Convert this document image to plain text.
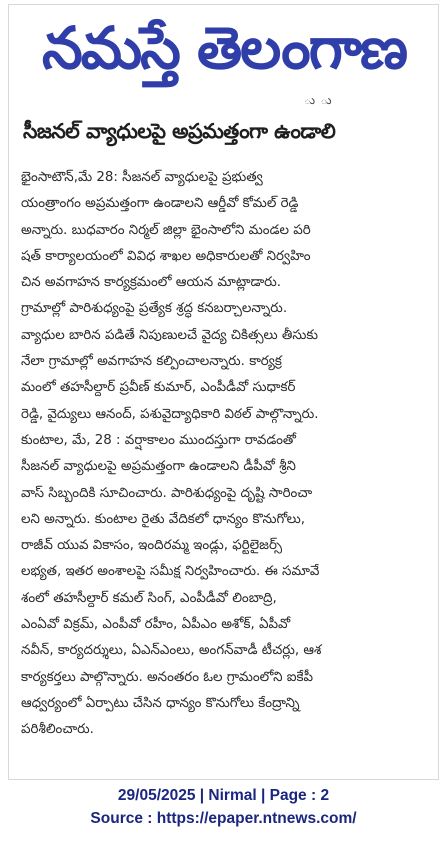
నమస్తే తెలంగాణ
ు ు
సీజనల్ వ్యాధులపై అప్రమత్తంగా ఉండాలి
భైంసాటౌన్,మే 28: సీజనల్ వ్యాధులపై ప్రభుత్వ
యంత్రాంగం అప్రమత్తంగా ఉండాలని ఆర్డీవో కోమల్ రెడ్డి
అన్నారు. బుధవారం నిర్మల్ జిల్లా భైంసాలోని మండల పరి
షత్ కార్యాలయంలో వివిధ శాఖల అధికారులతో నిర్వహిం
చిన అవగాహన కార్యక్రమంలో ఆయన మాట్లాడారు.
గ్రామాల్లో పారిశుధ్యంపై ప్రత్యేక శ్రద్ధ కనబర్చాలన్నారు.
వ్యాధుల బారిన పడితే నిపుణులచే వైద్య చికిత్సలు తీసుకు
నేలా గ్రామాల్లో అవగాహన కల్పించాలన్నారు. కార్యక్ర
మంలో తహసీల్దార్ ప్రవీణ్ కుమార్, ఎంపీడీవో సుధాకర్
రెడ్డి, వైద్యులు ఆనంద్, పశువైద్యాధికారి విఠల్ పాల్గొన్నారు.
కుంటాల, మే, 28 : వర్షాకాలం ముందస్తుగా రావడంతో
సీజనల్ వ్యాధులపై అప్రమత్తంగా ఉండాలని డీపీవో శ్రీని
వాస్ సిబ్బందికి సూచించారు. పారిశుధ్యంపై దృష్టి సారించా
లని అన్నారు. కుంటాల రైతు వేదికలో ధాన్యం కొనుగోలు,
రాజీవ్ యువ వికాసం, ఇందిరమ్మ ఇండ్లు, ఫర్టిలైజర్స్
లభ్యత, ఇతర అంశాలపై సమీక్ష నిర్వహించారు. ఈ సమావే
శంలో తహసీల్దార్ కమల్ సింగ్, ఎంపీడీవో లింబాద్రి,
ఎంఏవో విక్రమ్, ఎంపీవో రహీం, ఏపీఎం అశోక్, ఏపీవో
నవీన్, కార్యదర్శులు, ఏఎన్ఎంలు, అంగన్‌వాడీ టీచర్లు, ఆశ
కార్యకర్తలు పాల్గొన్నారు. అనంతరం ఓల గ్రామంలోని ఐకేపీ
ఆధ్వర్యంలో ఏర్పాటు చేసిన ధాన్యం కొనుగోలు కేంద్రాన్ని
పరిశీలించారు.
29/05/2025 | Nirmal | Page : 2
Source : https://epaper.ntnews.com/
